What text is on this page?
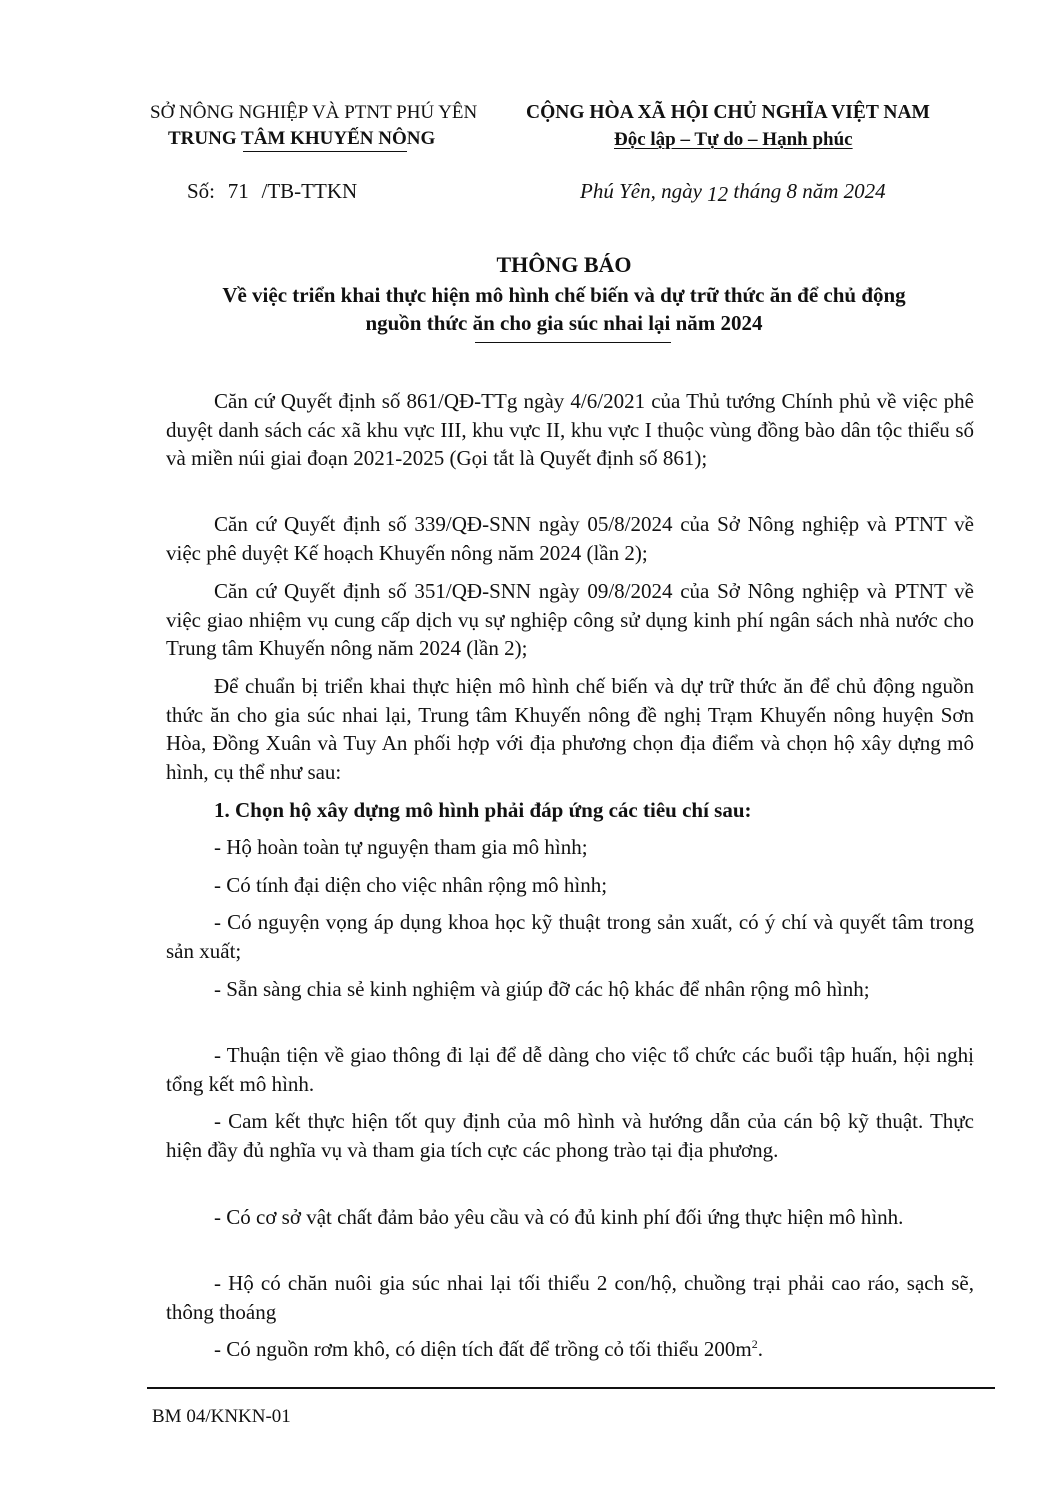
SỞ NÔNG NGHIỆP VÀ PTNT PHÚ YÊN
TRUNG TÂM KHUYẾN NÔNG
CỘNG HÒA XÃ HỘI CHỦ NGHĨA VIỆT NAM
Độc lập – Tự do – Hạnh phúc
Số: 71 /TB-TTKN	Phú Yên, ngày 12 tháng 8 năm 2024
THÔNG BÁO
Về việc triển khai thực hiện mô hình chế biến và dự trữ thức ăn để chủ động
nguồn thức ăn cho gia súc nhai lại năm 2024

Căn cứ Quyết định số 861/QĐ-TTg ngày 4/6/2021 của Thủ tướng Chính phủ về việc phê duyệt danh sách các xã khu vực III, khu vực II, khu vực I thuộc vùng đồng bào dân tộc thiểu số và miền núi giai đoạn 2021-2025 (Gọi tắt là Quyết định số 861);

Căn cứ Quyết định số 339/QĐ-SNN ngày 05/8/2024 của Sở Nông nghiệp và PTNT về việc phê duyệt Kế hoạch Khuyến nông năm 2024 (lần 2);

Căn cứ Quyết định số 351/QĐ-SNN ngày 09/8/2024 của Sở Nông nghiệp và PTNT về việc giao nhiệm vụ cung cấp dịch vụ sự nghiệp công sử dụng kinh phí ngân sách nhà nước cho Trung tâm Khuyến nông năm 2024 (lần 2);

Để chuẩn bị triển khai thực hiện mô hình chế biến và dự trữ thức ăn để chủ động nguồn thức ăn cho gia súc nhai lại, Trung tâm Khuyến nông đề nghị Trạm Khuyến nông huyện Sơn Hòa, Đồng Xuân và Tuy An phối hợp với địa phương chọn địa điểm và chọn hộ xây dựng mô hình, cụ thể như sau:

1. Chọn hộ xây dựng mô hình phải đáp ứng các tiêu chí sau:

- Hộ hoàn toàn tự nguyện tham gia mô hình;

- Có tính đại diện cho việc nhân rộng mô hình;

- Có nguyện vọng áp dụng khoa học kỹ thuật trong sản xuất, có ý chí và quyết tâm trong sản xuất;

- Sẵn sàng chia sẻ kinh nghiệm và giúp đỡ các hộ khác để nhân rộng mô hình;

- Thuận tiện về giao thông đi lại để dễ dàng cho việc tổ chức các buổi tập huấn, hội nghị tổng kết mô hình.

- Cam kết thực hiện tốt quy định của mô hình và hướng dẫn của cán bộ kỹ thuật. Thực hiện đầy đủ nghĩa vụ và tham gia tích cực các phong trào tại địa phương.

- Có cơ sở vật chất đảm bảo yêu cầu và có đủ kinh phí đối ứng thực hiện mô hình.

- Hộ có chăn nuôi gia súc nhai lại tối thiểu 2 con/hộ, chuồng trại phải cao ráo, sạch sẽ, thông thoáng

- Có nguồn rơm khô, có diện tích đất để trồng cỏ tối thiểu $200m^2$.

BM 04/KNKN-01
